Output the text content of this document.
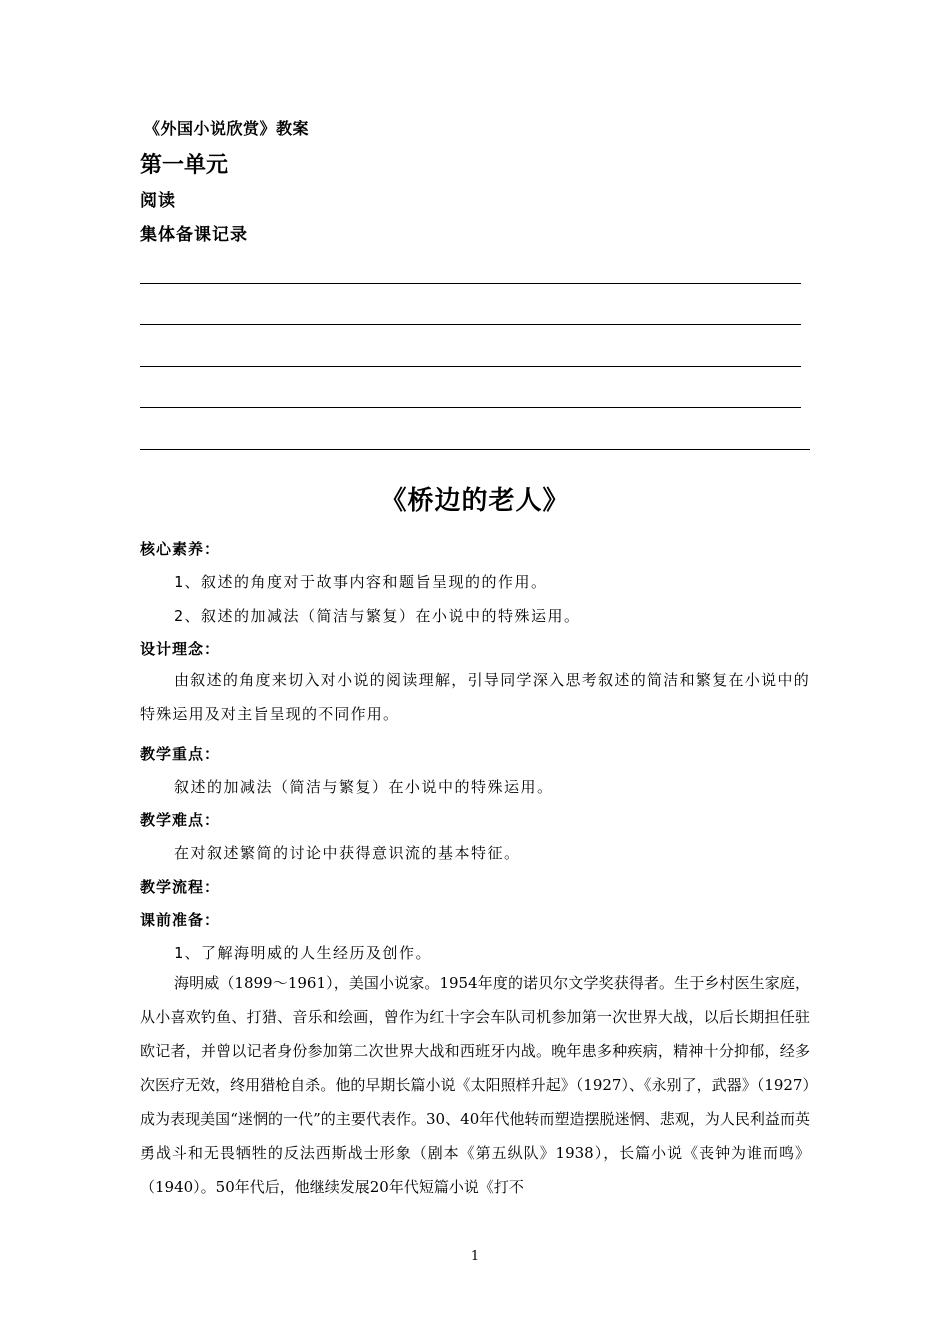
《外国小说欣赏》教案
第一单元
阅读
集体备课记录
《桥边的老人》
核心素养：
1、叙述的角度对于故事内容和题旨呈现的的作用。
2、叙述的加减法（简洁与繁复）在小说中的特殊运用。
设计理念：
由叙述的角度来切入对小说的阅读理解，引导同学深入思考叙述的简洁和繁复在小说中的特殊运用及对主旨呈现的不同作用。
教学重点：
叙述的加减法（简洁与繁复）在小说中的特殊运用。
教学难点：
在对叙述繁简的讨论中获得意识流的基本特征。
教学流程：
课前准备：
1、了解海明威的人生经历及创作。
海明威（1899～1961），美国小说家。1954年度的诺贝尔文学奖获得者。生于乡村医生家庭，从小喜欢钓鱼、打猎、音乐和绘画，曾作为红十字会车队司机参加第一次世界大战，以后长期担任驻欧记者，并曾以记者身份参加第二次世界大战和西班牙内战。晚年患多种疾病，精神十分抑郁，经多次医疗无效，终用猎枪自杀。他的早期长篇小说《太阳照样升起》（1927）、《永别了，武器》（1927）成为表现美国“迷惘的一代”的主要代表作。30、40年代他转而塑造摆脱迷惘、悲观，为人民利益而英勇战斗和无畏牺牲的反法西斯战士形象（剧本《第五纵队》1938），长篇小说《丧钟为谁而鸣》（1940）。50年代后，他继续发展20年代短篇小说《打不
1
